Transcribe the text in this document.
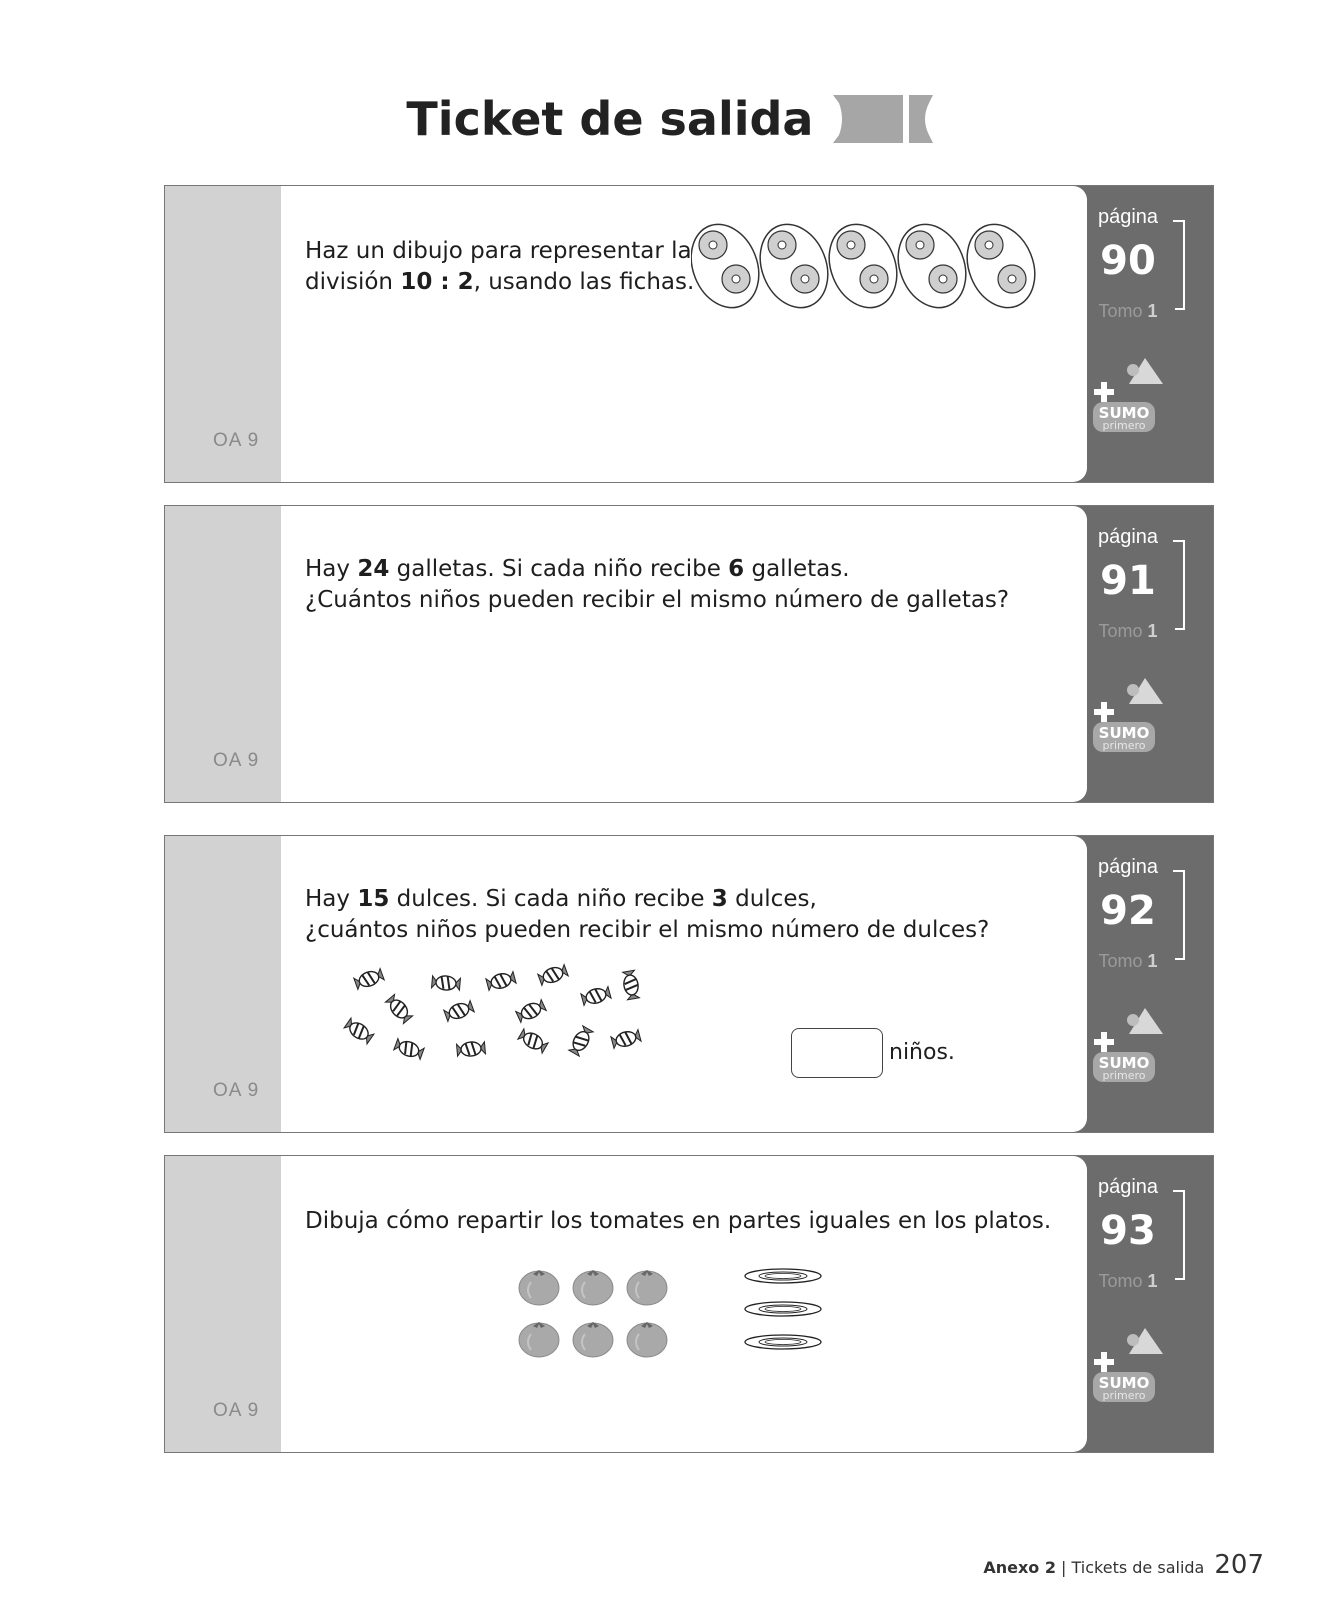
Ticket de salida
OA 9
Haz un dibujo para representar la
división 10 : 2, usando las fichas.
página
90
Tomo 1
SUMO
primero
OA 9
Hay 24 galletas. Si cada niño recibe 6 galletas.
¿Cuántos niños pueden recibir el mismo número de galletas?
página
91
Tomo 1
SUMO
primero
OA 9
Hay 15 dulces. Si cada niño recibe 3 dulces,
¿cuántos niños pueden recibir el mismo número de dulces?
niños.
página
92
Tomo 1
SUMO
primero
OA 9
Dibuja cómo repartir los tomates en partes iguales en los platos.
página
93
Tomo 1
SUMO
primero
Anexo 2 | Tickets de salida 207
